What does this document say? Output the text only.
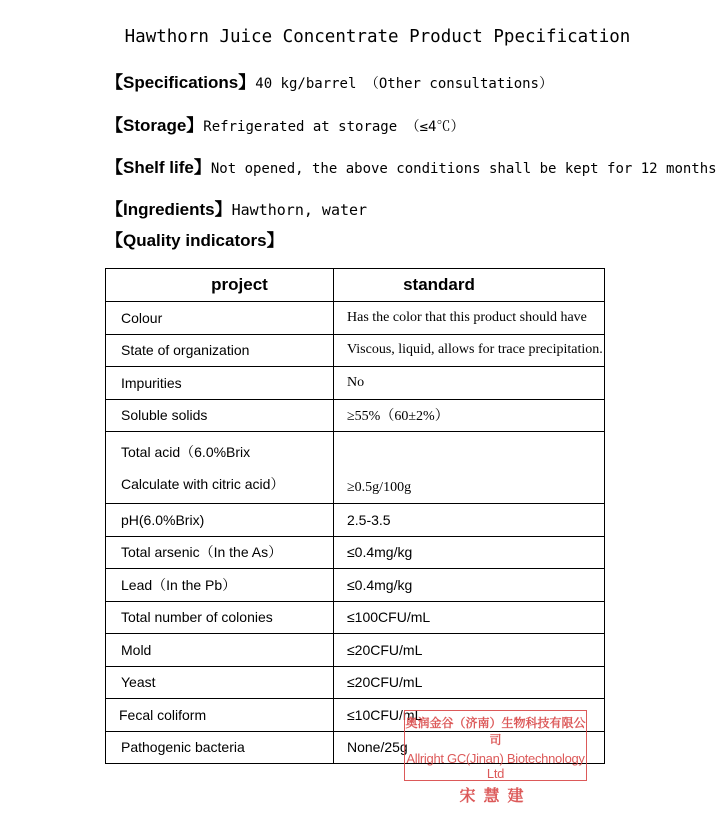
Hawthorn Juice Concentrate Product Ppecification
【Specifications】40 kg/barrel （Other consultations）
【Storage】Refrigerated at storage （≤4℃）
【Shelf life】Not opened, the above conditions shall be kept for 12 months
【Ingredients】Hawthorn, water
【Quality indicators】
project	standard
Colour	Has the color that this product should have
State of organization	Viscous, liquid, allows for trace precipitation.
Impurities	No
Soluble solids	≥55%（60±2%）

Total acid（6.0%Brix
Calculate with citric acid）	≥0.5g/100g
pH(6.0%Brix)	2.5-3.5
Total arsenic（In the As）	≤0.4mg/kg
Lead（In the Pb）	≤0.4mg/kg
Total number of colonies	≤100CFU/mL
Mold	≤20CFU/mL
Yeast	≤20CFU/mL
Fecal coliform	≤10CFU/mL
Pathogenic bacteria	None/25g
奥润金谷（济南）生物科技有限公司
Allright GC(Jinan) Biotechnology Ltd
宋慧建
